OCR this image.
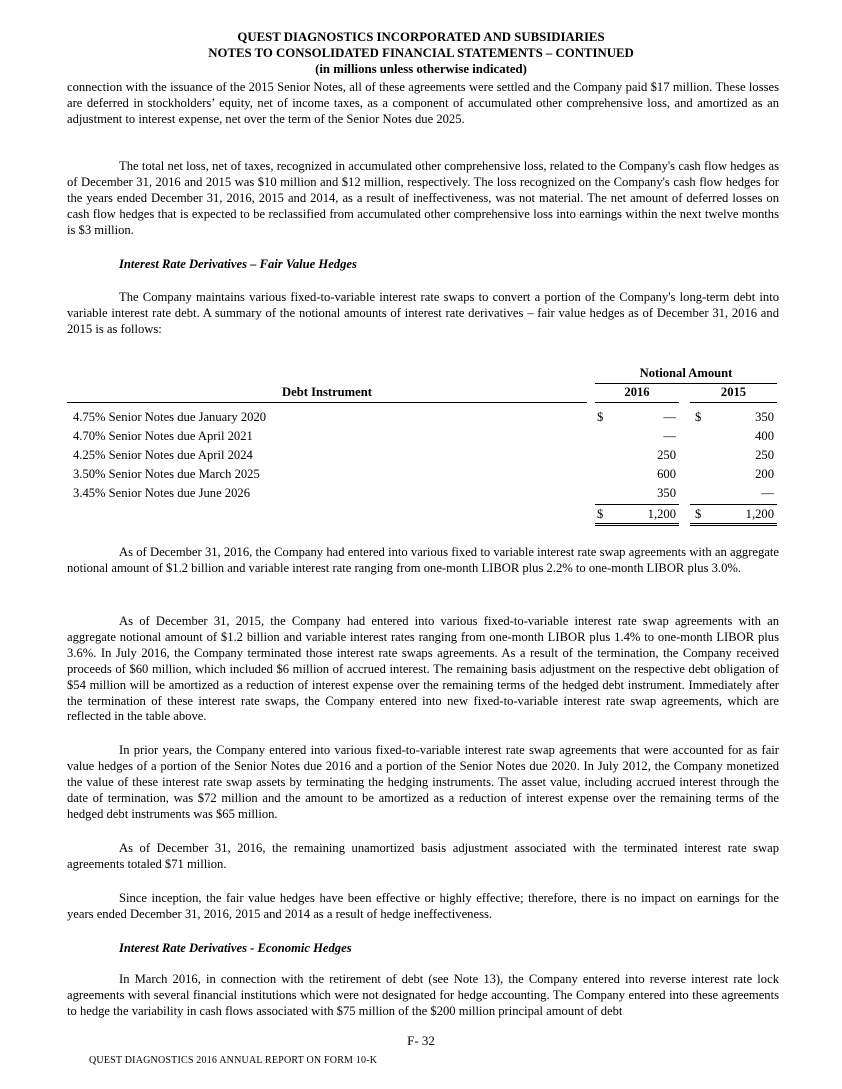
QUEST DIAGNOSTICS INCORPORATED AND SUBSIDIARIES
NOTES TO CONSOLIDATED FINANCIAL STATEMENTS – CONTINUED
(in millions unless otherwise indicated)

connection with the issuance of the 2015 Senior Notes, all of these agreements were settled and the Company paid $17 million. These losses are deferred in stockholders’ equity, net of income taxes, as a component of accumulated other comprehensive loss, and amortized as an adjustment to interest expense, net over the term of the Senior Notes due 2025.

The total net loss, net of taxes, recognized in accumulated other comprehensive loss, related to the Company's cash flow hedges as of December 31, 2016 and 2015 was $10 million and $12 million, respectively. The loss recognized on the Company's cash flow hedges for the years ended December 31, 2016, 2015 and 2014, as a result of ineffectiveness, was not material. The net amount of deferred losses on cash flow hedges that is expected to be reclassified from accumulated other comprehensive loss into earnings within the next twelve months is $3 million.

Interest Rate Derivatives – Fair Value Hedges

The Company maintains various fixed-to-variable interest rate swaps to convert a portion of the Company's long-term debt into variable interest rate debt. A summary of the notional amounts of interest rate derivatives – fair value hedges as of December 31, 2016 and 2015 is as follows:

Notional Amount
Debt Instrument	2016	2015
4.75% Senior Notes due January 2020	$	— $	350
4.70% Senior Notes due April 2021	—	400
4.25% Senior Notes due April 2024	250	250
3.50% Senior Notes due March 2025	600	200
3.45% Senior Notes due June 2026	350	—
$	1,200 $	1,200

As of December 31, 2016, the Company had entered into various fixed to variable interest rate swap agreements with an aggregate notional amount of $1.2 billion and variable interest rate ranging from one-month LIBOR plus 2.2% to one-month LIBOR plus 3.0%.

As of December 31, 2015, the Company had entered into various fixed-to-variable interest rate swap agreements with an aggregate notional amount of $1.2 billion and variable interest rates ranging from one-month LIBOR plus 1.4% to one-month LIBOR plus 3.6%. In July 2016, the Company terminated those interest rate swaps agreements. As a result of the termination, the Company received proceeds of $60 million, which included $6 million of accrued interest. The remaining basis adjustment on the respective debt obligation of $54 million will be amortized as a reduction of interest expense over the remaining terms of the hedged debt instrument. Immediately after the termination of these interest rate swaps, the Company entered into new fixed-to-variable interest rate swap agreements, which are reflected in the table above.

In prior years, the Company entered into various fixed-to-variable interest rate swap agreements that were accounted for as fair value hedges of a portion of the Senior Notes due 2016 and a portion of the Senior Notes due 2020. In July 2012, the Company monetized the value of these interest rate swap assets by terminating the hedging instruments. The asset value, including accrued interest through the date of termination, was $72 million and the amount to be amortized as a reduction of interest expense over the remaining terms of the hedged debt instruments was $65 million.

As of December 31, 2016, the remaining unamortized basis adjustment associated with the terminated interest rate swap agreements totaled $71 million.

Since inception, the fair value hedges have been effective or highly effective; therefore, there is no impact on earnings for the years ended December 31, 2016, 2015 and 2014 as a result of hedge ineffectiveness.

Interest Rate Derivatives - Economic Hedges

In March 2016, in connection with the retirement of debt (see Note 13), the Company entered into reverse interest rate lock agreements with several financial institutions which were not designated for hedge accounting. The Company entered into these agreements to hedge the variability in cash flows associated with $75 million of the $200 million principal amount of debt

F- 32
QUEST DIAGNOSTICS 2016 ANNUAL REPORT ON FORM 10-K
